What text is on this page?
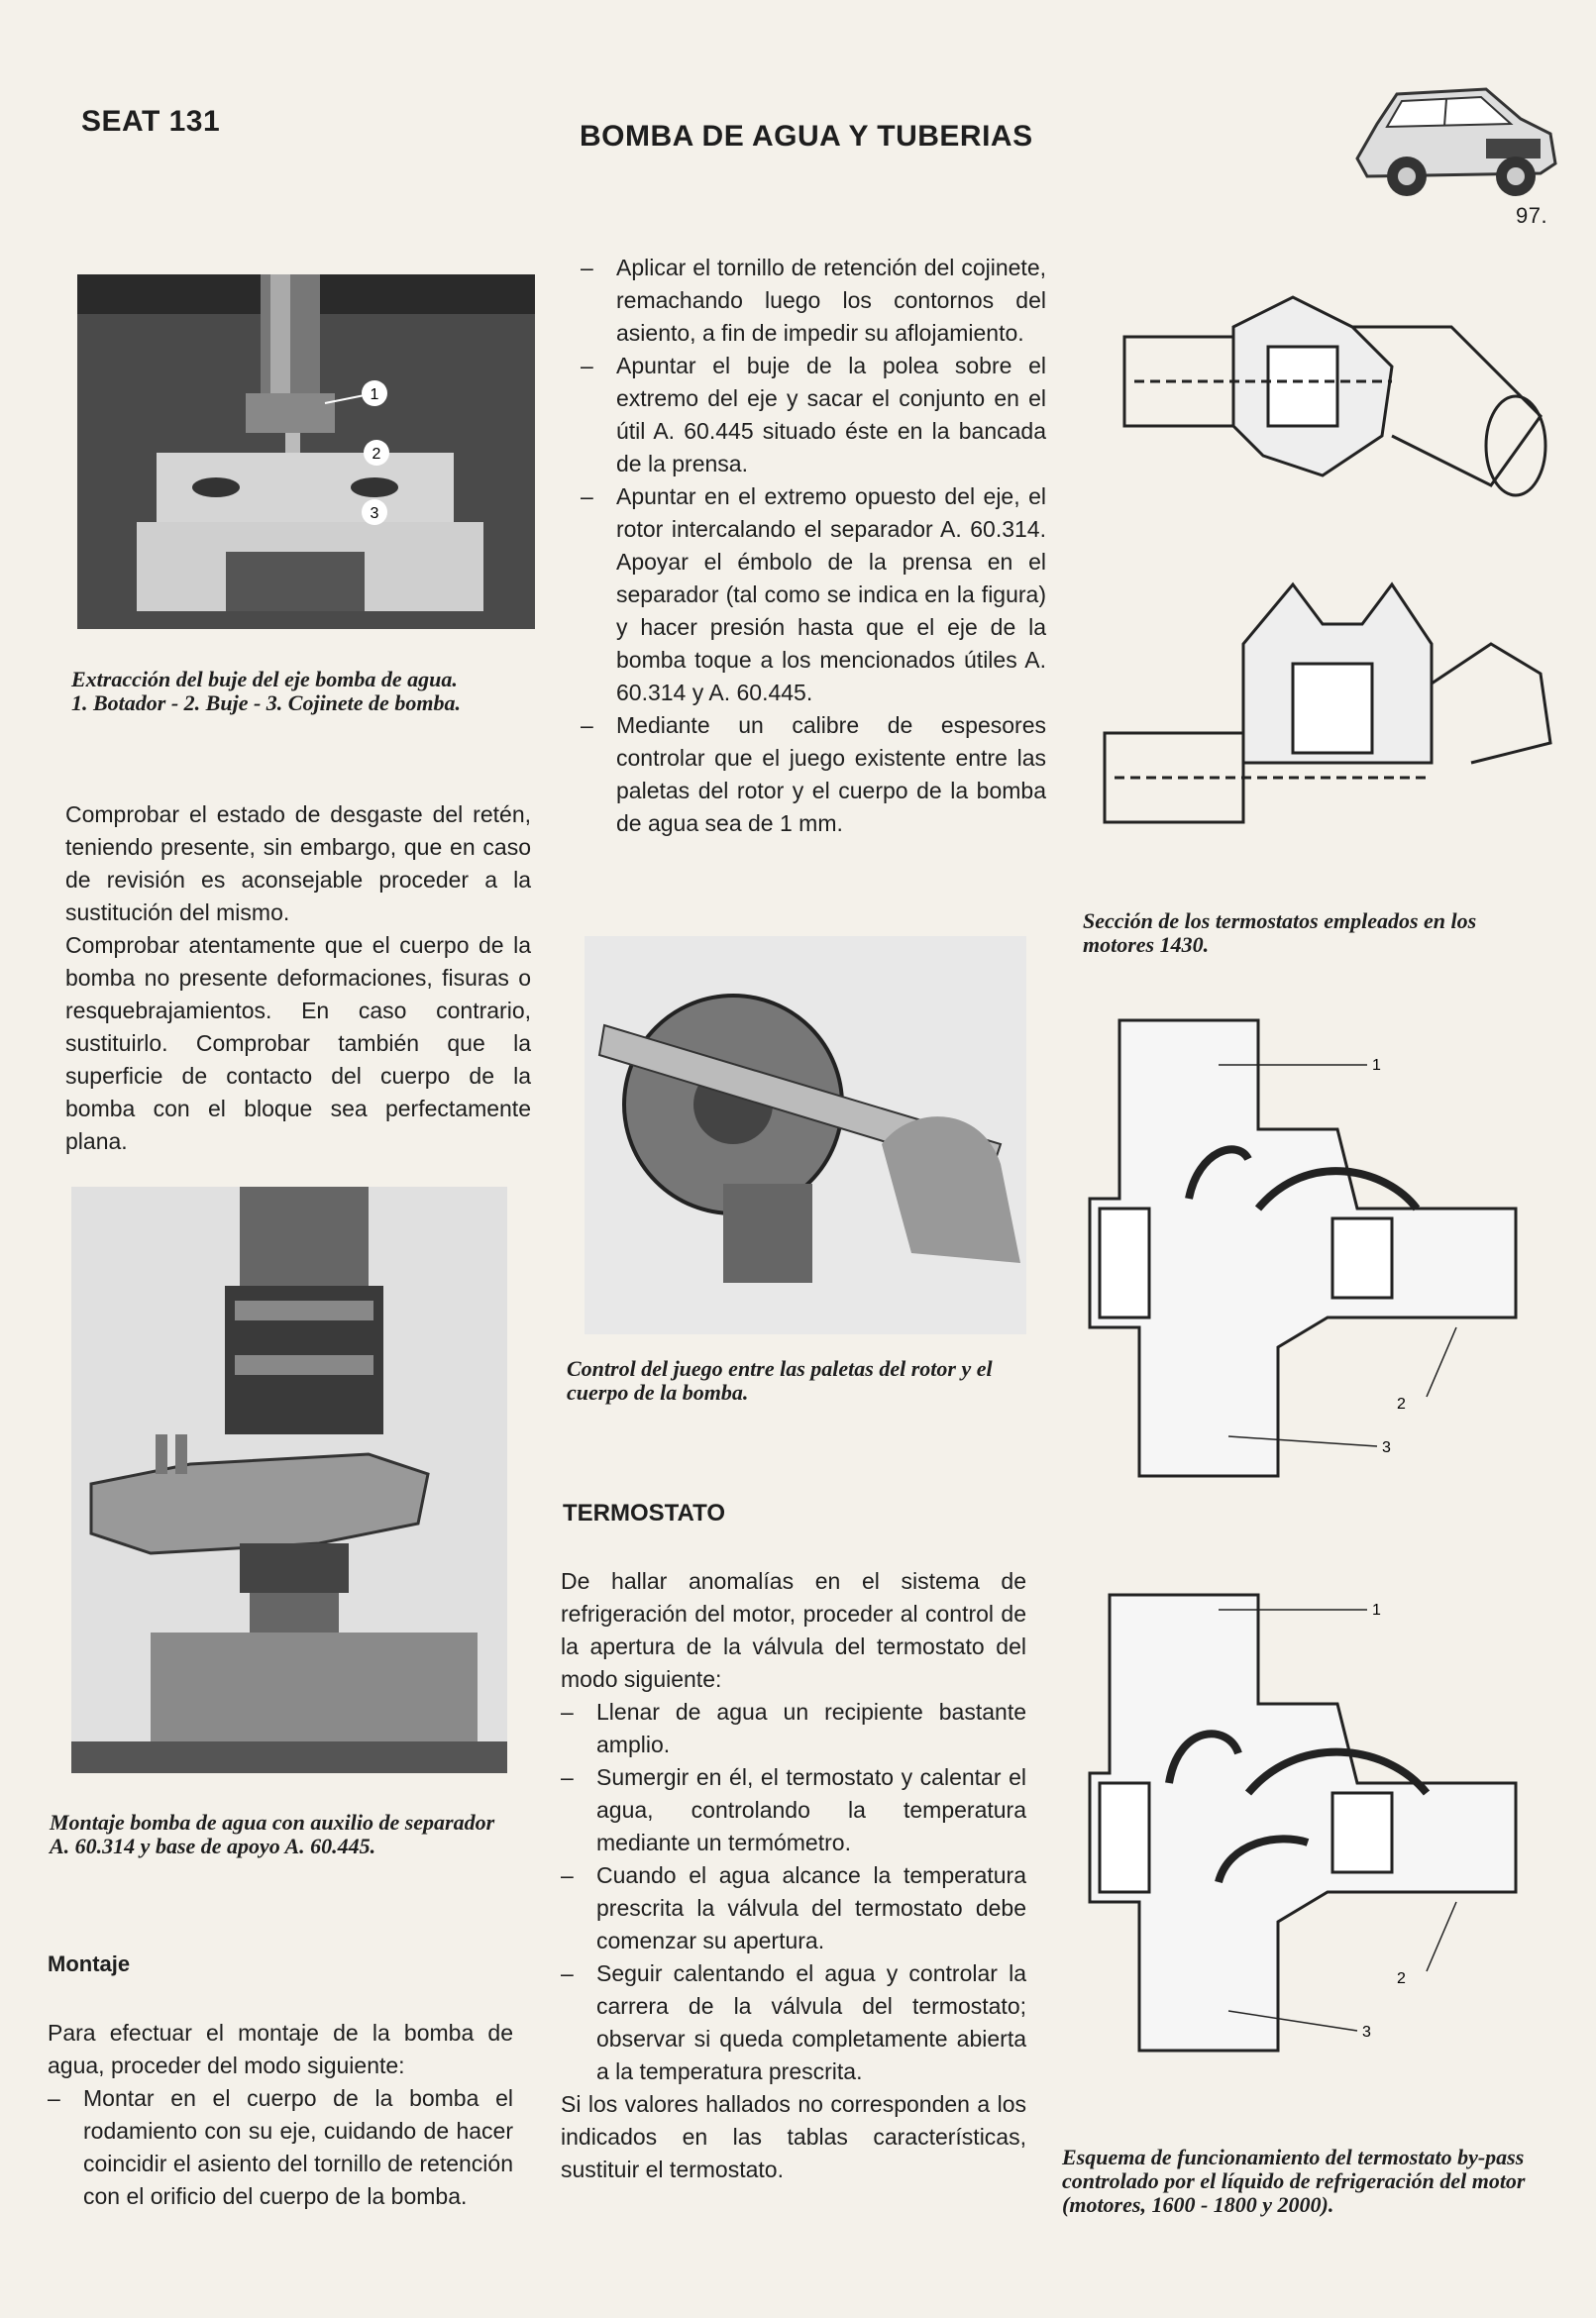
SEAT 131	BOMBA DE AGUA Y TUBERIAS
97.
1
2
3
Extracción del buje del eje bomba de agua.
1. Botador - 2. Buje - 3. Cojinete de bomba.

Comprobar el estado de desgaste del retén, teniendo presente, sin embargo, que en caso de revisión es aconsejable proceder a la sustitución del mismo.

Comprobar atentamente que el cuerpo de la bomba no presente deformaciones, fisuras o resquebrajamientos. En caso contrario, sustituirlo. Comprobar también que la superficie de contacto del cuerpo de la bomba con el bloque sea perfectamente plana.

Montaje bomba de agua con auxilio de separador A. 60.314 y base de apoyo A. 60.445.
Montaje

Para efectuar el montaje de la bomba de agua, proceder del modo siguiente:

– Montar en el cuerpo de la bomba el rodamiento con su eje, cuidando de hacer coincidir el asiento del tornillo de retención con el orificio del cuerpo de la bomba.

– Aplicar el tornillo de retención del cojinete, remachando luego los contornos del asiento, a fin de impedir su aflojamiento.

– Apuntar el buje de la polea sobre el extremo del eje y sacar el conjunto en el útil A. 60.445 situado éste en la bancada de la prensa.

– Apuntar en el extremo opuesto del eje, el rotor intercalando el separador A. 60.314. Apoyar el émbolo de la prensa en el separador (tal como se indica en la figura) y hacer presión hasta que el eje de la bomba toque a los mencionados útiles A. 60.314 y A. 60.445.

– Mediante un calibre de espesores controlar que el juego existente entre las paletas del rotor y el cuerpo de la bomba de agua sea de 1 mm.

Control del juego entre las paletas del rotor y el cuerpo de la bomba.
TERMOSTATO

De hallar anomalías en el sistema de refrigeración del motor, proceder al control de la apertura de la válvula del termostato del modo siguiente:

– Llenar de agua un recipiente bastante amplio.

– Sumergir en él, el termostato y calentar el agua, controlando la temperatura mediante un termómetro.

– Cuando el agua alcance la temperatura prescrita la válvula del termostato debe comenzar su apertura.

– Seguir calentando el agua y controlar la carrera de la válvula del termostato; observar si queda completamente abierta a la temperatura prescrita.

Si los valores hallados no corresponden a los indicados en las tablas características, sustituir el termostato.

Sección de los termostatos empleados en los motores 1430.
1
2
3
1
2
3
Esquema de funcionamiento del termostato by-pass controlado por el líquido de refrigeración del motor (motores, 1600 - 1800 y 2000).
